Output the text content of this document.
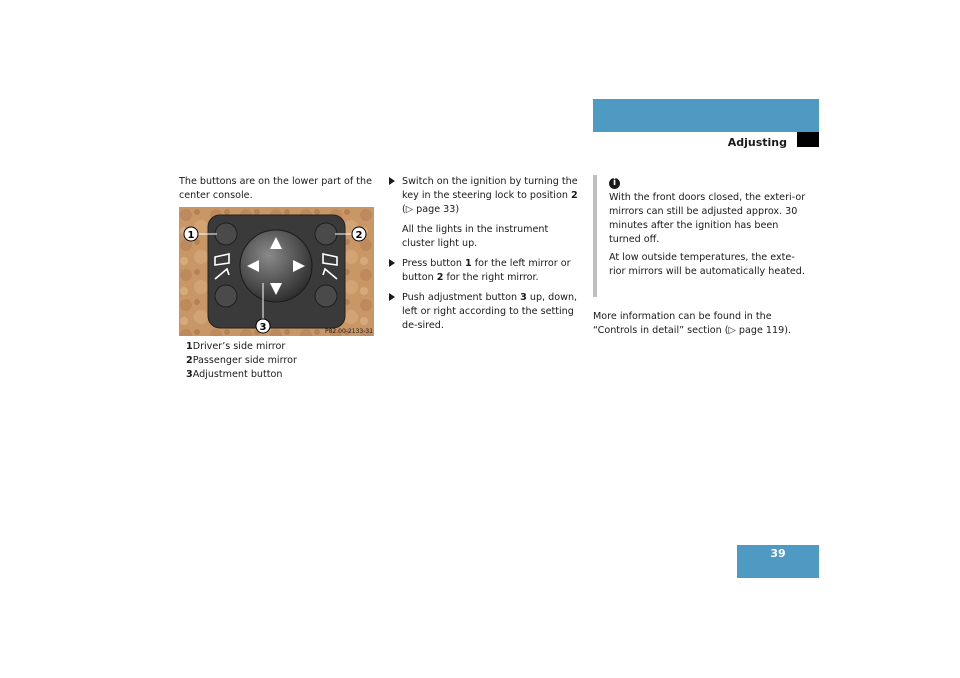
Getting started
Adjusting
The buttons are on the lower part of the center console.
1	2
3	P82.00-2133-31
1Driver’s side mirror
2Passenger side mirror
3Adjustment button
Switch on the ignition by turning the key in the steering lock to position 2 (▷ page 33)
All the lights in the instrument cluster light up.
Press button 1 for the left mirror or button 2 for the right mirror.
Push adjustment button 3 up, down, left or right according to the setting de-sired.
i

With the front doors closed, the exteri-or mirrors can still be adjusted approx. 30 minutes after the ignition has been turned off.

At low outside temperatures, the exte-rior mirrors will be automatically heated.

More information can be found in the “Controls in detail” section (▷ page 119).
39
